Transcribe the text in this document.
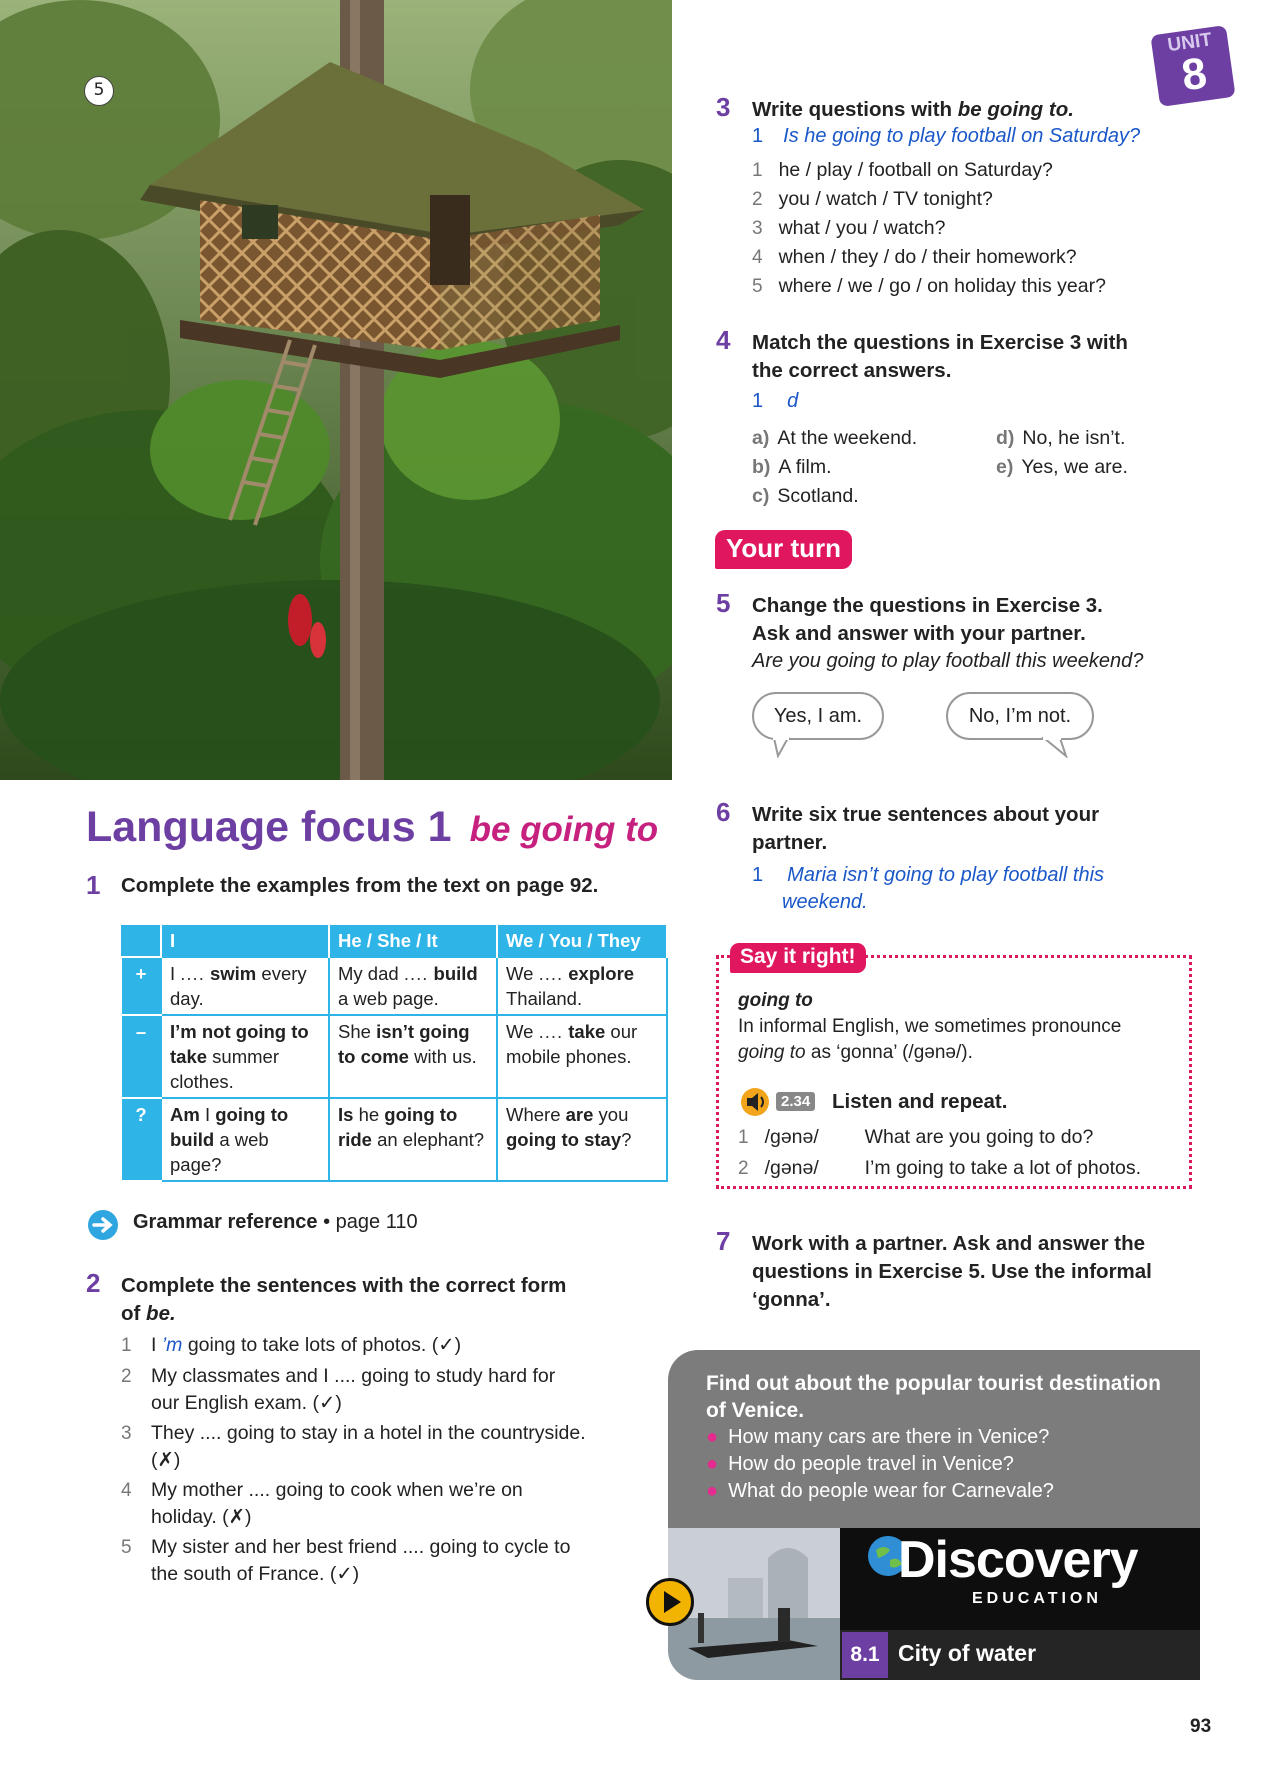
5
UNIT
8
3 Write questions with be going to.
1 Is he going to play football on Saturday?
1 he / play / football on Saturday?
2 you / watch / TV tonight?
3 what / you / watch?
4 when / they / do / their homework?
5 where / we / go / on holiday this year?
4 Match the questions in Exercise 3 with
the correct answers.
1 d
a) At the weekend.
b) A film.
c) Scotland.
d) No, he isn’t.
e) Yes, we are.
Your turn
5 Change the questions in Exercise 3.
Ask and answer with your partner.
Are you going to play football this weekend?
Yes, I am.	No, I’m not.
6 Write six true sentences about your
partner.
1 Maria isn’t going to play football this
weekend.
Say it right!
going to
In informal English, we sometimes pronounce
going to as ‘gonna’ (/gənə/).
2.34 Listen and repeat.
1 /gənə/ What are you going to do?
2 /gənə/ I’m going to take a lot of photos.
7 Work with a partner. Ask and answer the
questions in Exercise 5. Use the informal
‘gonna’.
Find out about the popular tourist destination
of Venice.
● How many cars are there in Venice?
● How do people travel in Venice?
● What do people wear for Carnevale?
Discovery
EDUCATION
8.1 City of water
Language focus 1 be going to
1 Complete the examples from the text on page 92.
	I	He / She / It	We / You / They
+	I .... swim every day.	My dad .... build a web page.	We .... explore Thailand.
–	I’m not going to take summer clothes.	She isn’t going to come with us.	We .... take our mobile phones.
?	Am I going to build a web page?	Is he going to ride an elephant?	Where are you going to stay?
Grammar reference • page 110
2 Complete the sentences with the correct form
of be.
1 I ’m going to take lots of photos. (✓)
2 My classmates and I .... going to study hard for
our English exam. (✓)
3 They .... going to stay in a hotel in the countryside.
(✗)
4 My mother .... going to cook when we’re on
holiday. (✗)
5 My sister and her best friend .... going to cycle to
the south of France. (✓)
93
